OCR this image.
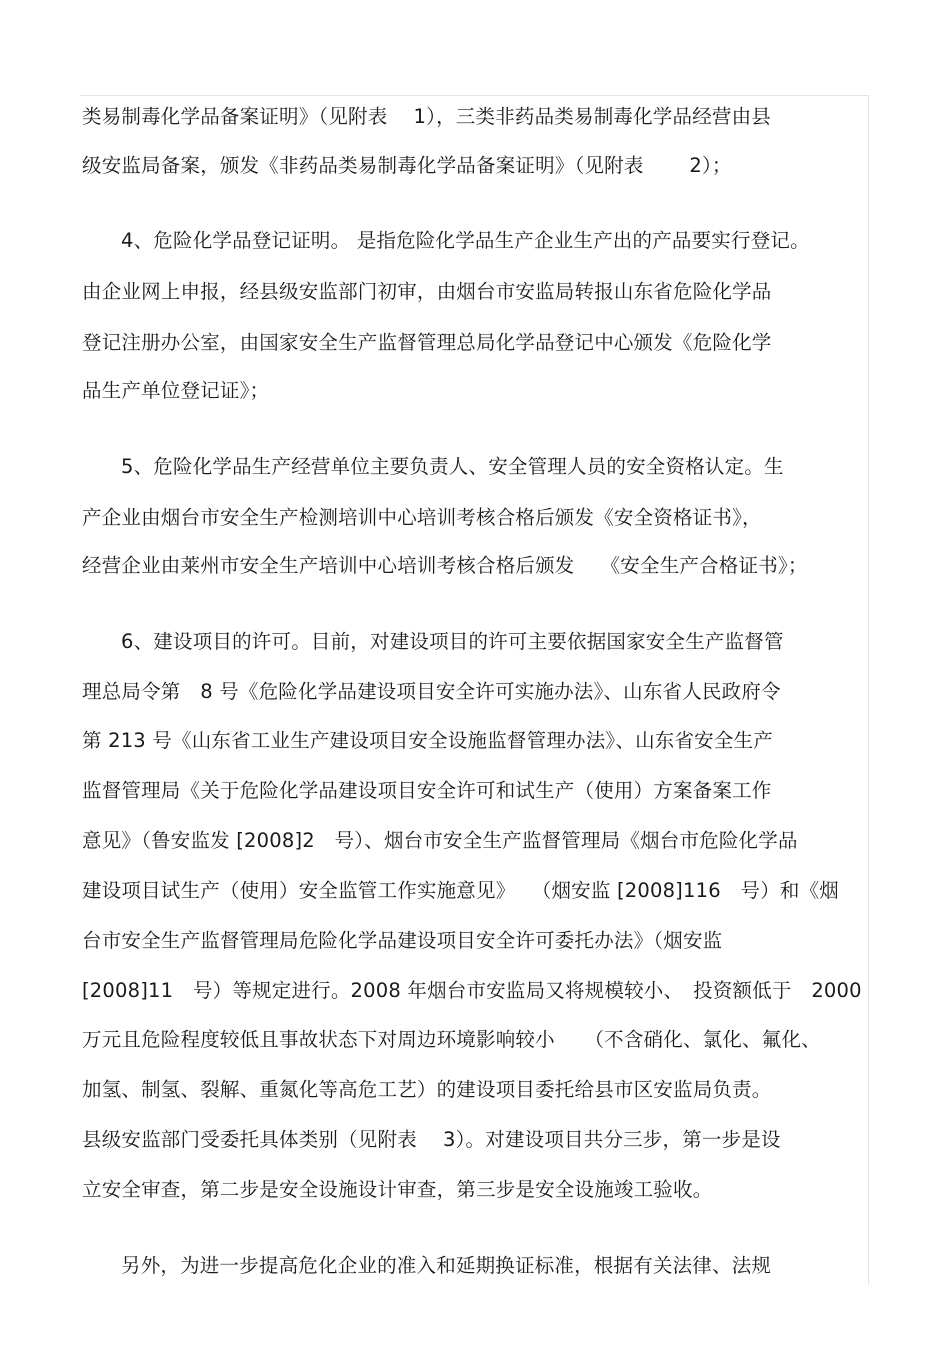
类易制毒化学品备案证明》（见附表　 1），三类非药品类易制毒化学品经营由县
级安监局备案，颁发《非药品类易制毒化学品备案证明》（见附表　　 2）；
4、危险化学品登记证明。 是指危险化学品生产企业生产出的产品要实行登记。
由企业网上申报，经县级安监部门初审，由烟台市安监局转报山东省危险化学品
登记注册办公室，由国家安全生产监督管理总局化学品登记中心颁发《危险化学
品生产单位登记证》；
5、危险化学品生产经营单位主要负责人、安全管理人员的安全资格认定。生
产企业由烟台市安全生产检测培训中心培训考核合格后颁发《安全资格证书》，
经营企业由莱州市安全生产培训中心培训考核合格后颁发　 《安全生产合格证书》；
6、建设项目的许可。目前，对建设项目的许可主要依据国家安全生产监督管
理总局令第　8 号《危险化学品建设项目安全许可实施办法》、山东省人民政府令
第 213 号《山东省工业生产建设项目安全设施监督管理办法》、山东省安全生产
监督管理局《关于危险化学品建设项目安全许可和试生产（使用）方案备案工作
意见》（鲁安监发 [2008]2　号）、烟台市安全生产监督管理局《烟台市危险化学品
建设项目试生产（使用）安全监管工作实施意见》　 （烟安监 [2008]116　号）和《烟
台市安全生产监督管理局危险化学品建设项目安全许可委托办法》（烟安监
[2008]11　号）等规定进行。2008 年烟台市安监局又将规模较小、　投资额低于　2000
万元且危险程度较低且事故状态下对周边环境影响较小　　（不含硝化、氯化、氟化、
加氢、制氢、裂解、重氮化等高危工艺）的建设项目委托给县市区安监局负责。
县级安监部门受委托具体类别（见附表　 3）。对建设项目共分三步，第一步是设
立安全审查，第二步是安全设施设计审查，第三步是安全设施竣工验收。
另外，为进一步提高危化企业的准入和延期换证标准，根据有关法律、法规
